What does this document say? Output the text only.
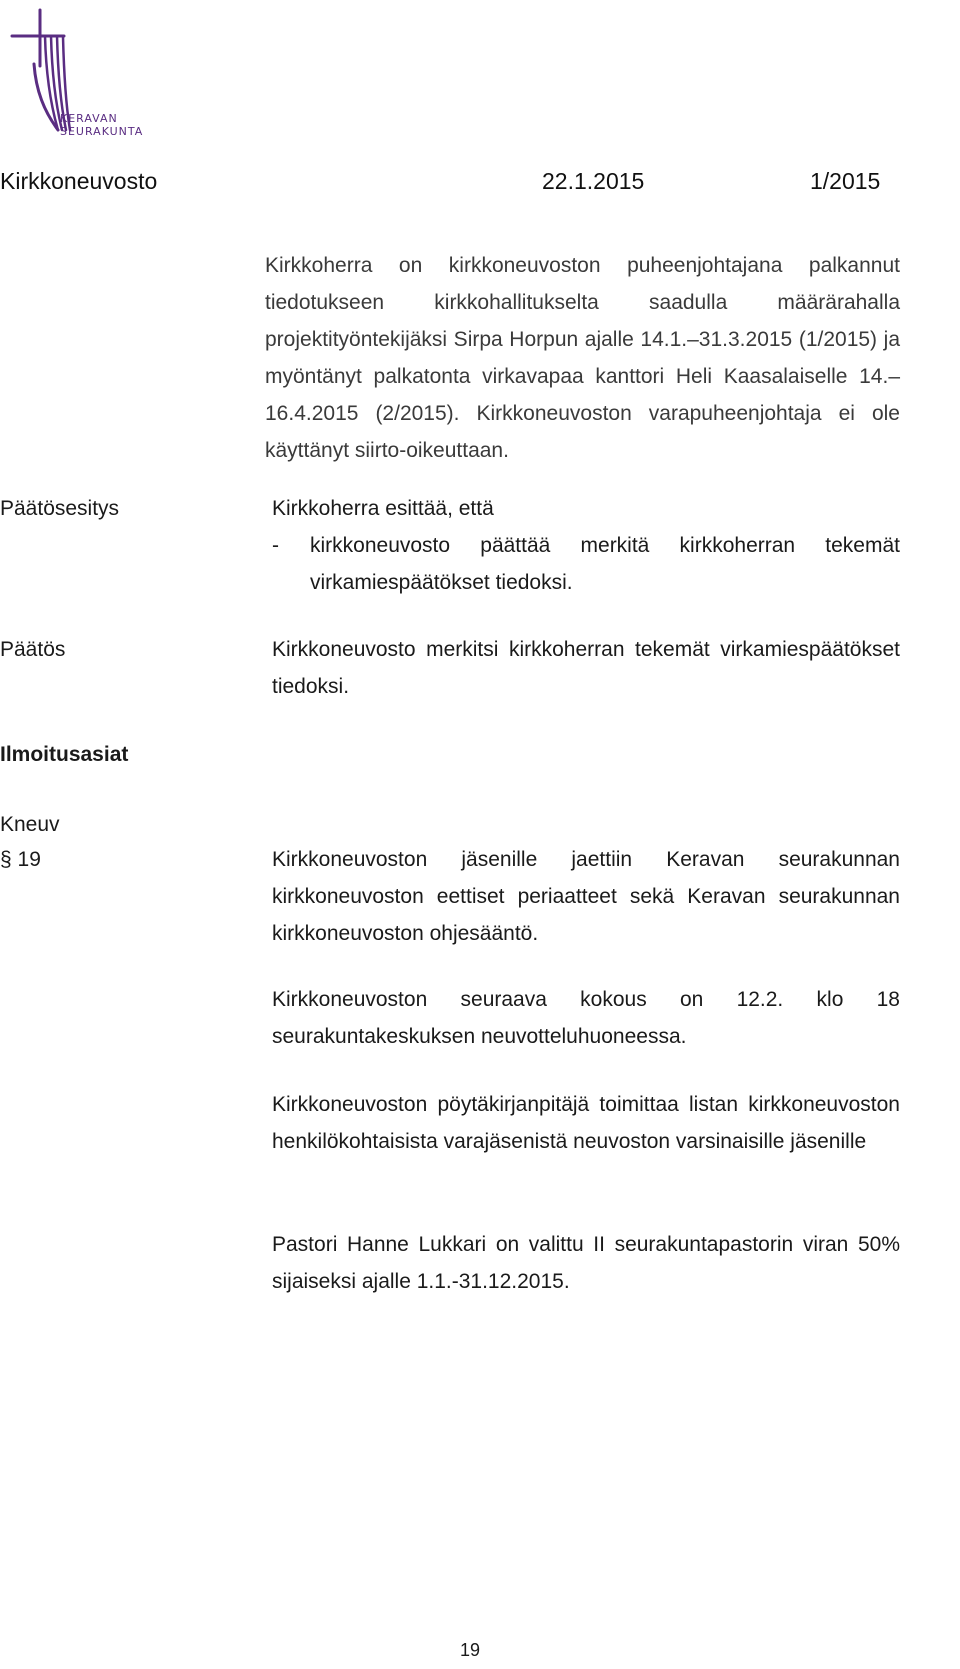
KERAVAN
SEURAKUNTA
Kirkkoneuvosto	22.1.2015	1/2015
Kirkkoherra on kirkkoneuvoston puheenjohtajana palkannut tiedotukseen kirkkohallitukselta saadulla määrärahalla projektityöntekijäksi Sirpa Horpun ajalle 14.1.–31.3.2015 (1/2015) ja myöntänyt palkatonta virkavapaa kanttori Heli Kaasalaiselle 14.–16.4.2015 (2/2015). Kirkkoneuvoston varapuheenjohtaja ei ole käyttänyt siirto-oikeuttaan.
Päätösesitys	Kirkkoherra esittää, että
-	kirkkoneuvosto päättää merkitä kirkkoherran tekemät virkamiespäätökset tiedoksi.
Päätös	Kirkkoneuvosto merkitsi kirkkoherran tekemät virkamiespäätökset tiedoksi.
Ilmoitusasiat
Kneuv
§ 19	Kirkkoneuvoston jäsenille jaettiin Keravan seurakunnan kirkkoneuvoston eettiset periaatteet sekä Keravan seurakunnan kirkkoneuvoston ohjesääntö.
Kirkkoneuvoston seuraava kokous on 12.2. klo 18 seurakuntakeskuksen neuvotteluhuoneessa.
Kirkkoneuvoston pöytäkirjanpitäjä toimittaa listan kirkkoneuvoston henkilökohtaisista varajäsenistä neuvoston varsinaisille jäsenille
Pastori Hanne Lukkari on valittu II seurakuntapastorin viran 50% sijaiseksi ajalle 1.1.-31.12.2015.
19
